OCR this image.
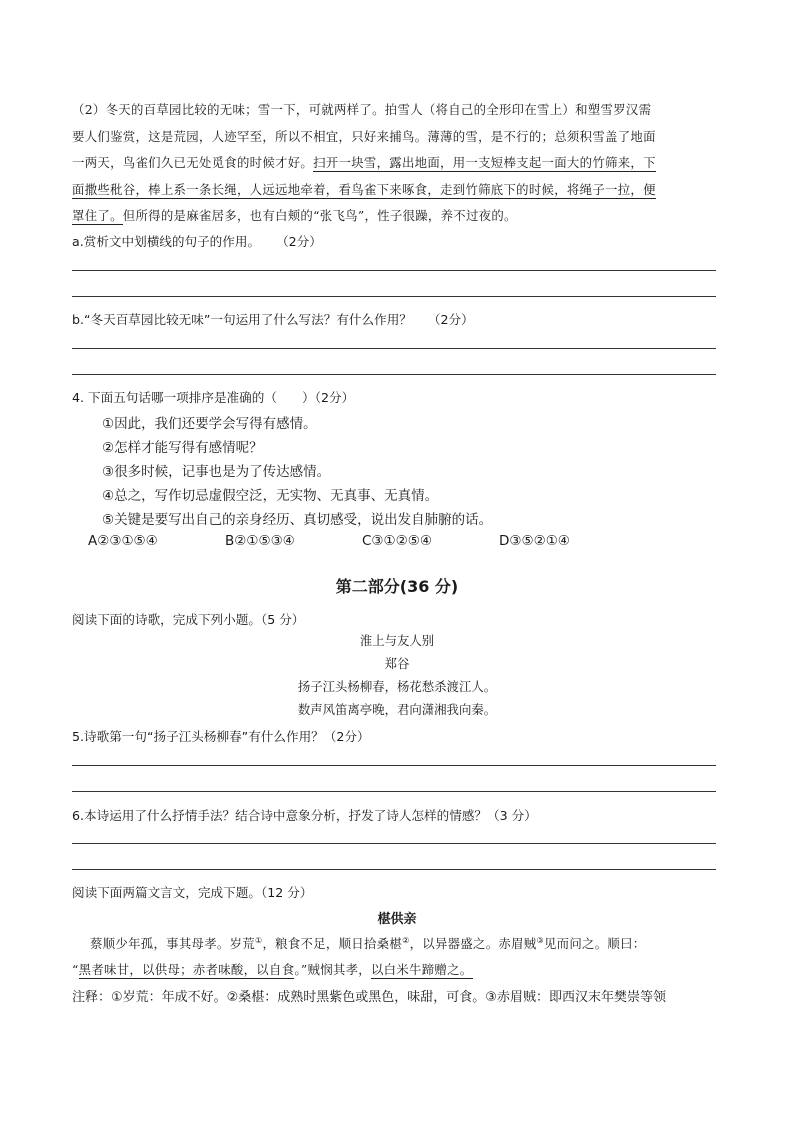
（2）冬天的百草园比较的无味；雪一下，可就两样了。拍雪人（将自己的全形印在雪上）和塑雪罗汉需
要人们鉴赏，这是荒园，人迹罕至，所以不相宜，只好来捕鸟。薄薄的雪，是不行的；总须积雪盖了地面
一两天，鸟雀们久已无处觅食的时候才好。扫开一块雪，露出地面，用一支短棒支起一面大的竹筛来，下
面撒些秕谷，棒上系一条长绳，人远远地牵着，看鸟雀下来啄食，走到竹筛底下的时候，将绳子一拉，便
罩住了。但所得的是麻雀居多，也有白颊的“张飞鸟”，性子很躁，养不过夜的。
a.赏析文中划横线的句子的作用。 （2分）
b.“冬天百草园比较无味”一句运用了什么写法？有什么作用？ （2分）
4. 下面五句话哪一项排序是准确的（　　）（2分）
①因此，我们还要学会写得有感情。
②怎样才能写得有感情呢？
③很多时候，记事也是为了传达感情。
④总之，写作切忌虚假空泛，无实物、无真事、无真情。
⑤关键是要写出自己的亲身经历、真切感受，说出发自肺腑的话。
A②③①⑤④	B②①⑤③④	C③①②⑤④	D③⑤②①④
第二部分(36 分)
阅读下面的诗歌，完成下列小题。（5 分）
淮上与友人别
郑谷
扬子江头杨柳春，杨花愁杀渡江人。
数声风笛离亭晚，君向潇湘我向秦。
5.诗歌第一句“扬子江头杨柳春”有什么作用？（2分）
6.本诗运用了什么抒情手法？结合诗中意象分析，抒发了诗人怎样的情感？（3 分）
阅读下面两篇文言文，完成下题。（12 分）
椹供亲
蔡顺少年孤，事其母孝。岁荒①，粮食不足，顺日拾桑椹②，以异器盛之。赤眉贼③见而问之。顺曰：
“黑者味甘，以供母；赤者味酸，以自食。”贼悯其孝，以白米牛蹄赠之。
注释：①岁荒：年成不好。②桑椹：成熟时黑紫色或黑色，味甜，可食。③赤眉贼：即西汉末年樊崇等领
